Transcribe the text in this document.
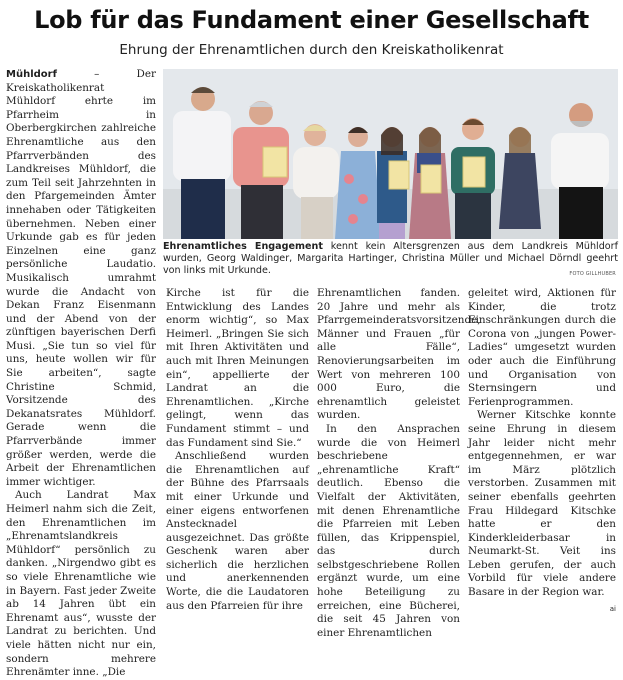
Lob für das Fundament einer Gesellschaft
Ehrung der Ehrenamtlichen durch den Kreiskatholikenrat

Mühldorf – Der Kreiskatholikenrat Mühldorf ehrte im Pfarrheim in Oberbergkirchen zahlreiche Ehrenamtliche aus den Pfarrverbänden des Landkreises Mühldorf, die zum Teil seit Jahrzehnten in den Pfargemeinden Ämter innehaben oder Tätigkeiten übernehmen. Neben einer Urkunde gab es für jeden Einzelnen eine ganz persönliche Laudatio. Musikalisch umrahmt wurde die Andacht von Dekan Franz Eisenmann und der Abend von der zünftigen bayerischen Derfi Musi. „Sie tun so viel für uns, heute wollen wir für Sie arbeiten“, sagte Christine Schmid, Vorsitzende des Dekanatsrates Mühldorf. Gerade wenn die Pfarrverbände immer größer werden, werde die Arbeit der Ehrenamtlichen immer wichtiger.

Auch Landrat Max Heimerl nahm sich die Zeit, den Ehrenamtlichen im „Ehrenamtslandkreis Mühldorf“ persönlich zu danken. „Nirgendwo gibt es so viele Ehrenamtliche wie in Bayern. Fast jeder Zweite ab 14 Jahren übt ein Ehrenamt aus“, wusste der Landrat zu berichten. Und viele hätten nicht nur ein, sondern mehrere Ehrenämter inne. „Die

Ehrenamtliches Engagement kennt kein Altersgrenzen aus dem Landkreis Mühldorf wurden, Georg Waldinger, Margarita Hartinger, Christina Müller und Michael Dörndl geehrt von links mit Urkunde.	FOTO GILLHUBER

Kirche ist für die Entwicklung des Landes enorm wichtig“, so Max Heimerl. „Bringen Sie sich mit Ihren Aktivitäten und auch mit Ihren Meinungen ein“, appellierte der Landrat an die Ehrenamtlichen. „Kirche gelingt, wenn das Fundament stimmt – und das Fundament sind Sie.“

Anschließend wurden die Ehrenamtlichen auf der Bühne des Pfarrsaals mit einer Urkunde und einer eigens entworfenen Anstecknadel ausgezeichnet. Das größte Geschenk waren aber sicherlich die herzlichen und anerkennenden Worte, die die Laudatoren aus den Pfarreien für ihre

Ehrenamtlichen fanden. 20 Jahre und mehr als Pfarrgemeinderatsvorsitzende, Männer und Frauen „für alle Fälle“, Renovierungsarbeiten im Wert von mehreren 100 000 Euro, die ehrenamtlich geleistet wurden.

In den Ansprachen wurde die von Heimerl beschriebene „ehrenamtliche Kraft“ deutlich. Ebenso die Vielfalt der Aktivitäten, mit denen Ehrenamtliche die Pfarreien mit Leben füllen, das Krippenspiel, das durch selbstgeschriebene Rollen ergänzt wurde, um eine hohe Beteiligung zu erreichen, eine Bücherei, die seit 45 Jahren von einer Ehrenamtlichen

geleitet wird, Aktionen für Kinder, die trotz Einschränkungen durch die Corona von „jungen Power-Ladies“ umgesetzt wurden oder auch die Einführung und Organisation von Sternsingern und Ferienprogrammen.

Werner Kitschke konnte seine Ehrung in diesem Jahr leider nicht mehr entgegennehmen, er war im März plötzlich verstorben. Zusammen mit seiner ebenfalls geehrten Frau Hildegard Kitschke hatte er den Kinderkleiderbasar in Neumarkt-St. Veit ins Leben gerufen, der auch Vorbild für viele andere Basare in der Region war.
ai
